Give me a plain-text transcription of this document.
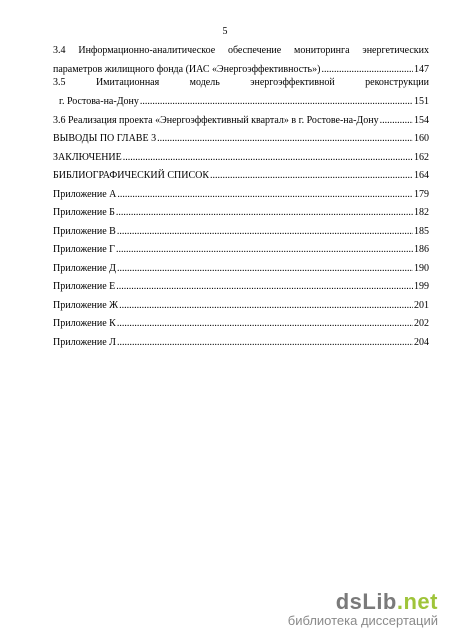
5
3.4 Информационно-аналитическое обеспечение мониторинга энергетических
параметров жилищного фонда (ИАС «Энергоэффективность») .....	147
3.5 Имитационная модель энергоэффективной реконструкции
г. Ростова-на-Дону .....	151
3.6 Реализация проекта «Энергоэффективный квартал» в г. Ростове-на-Дону .....	154
ВЫВОДЫ ПО ГЛАВЕ 3 .....	160
ЗАКЛЮЧЕНИЕ .....	162
БИБЛИОГРАФИЧЕСКИЙ СПИСОК .....	164
Приложение А .....	179
Приложение Б .....	182
Приложение В .....	185
Приложение Г .....	186
Приложение Д .....	190
Приложение Е .....	199
Приложение Ж .....	201
Приложение К .....	202
Приложение Л .....	204
dsLib.net
библиотека диссертаций
